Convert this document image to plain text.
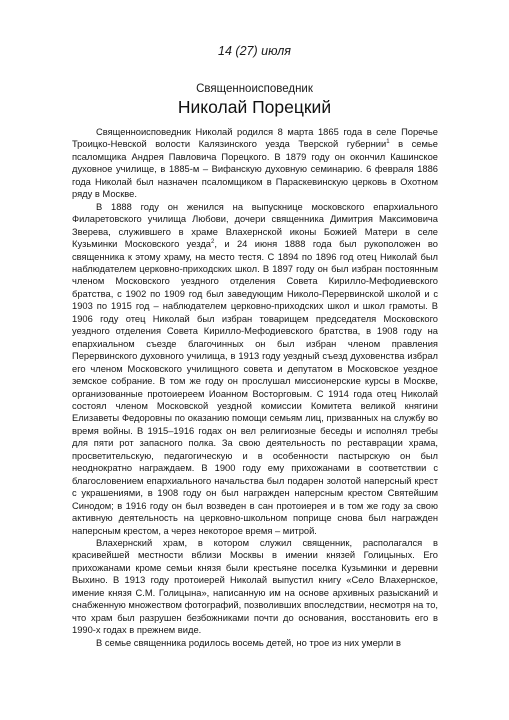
14 (27) июля
Священноисповедник
Николай Порецкий

Священноисповедник Николай родился 8 марта 1865 года в селе Поречье Троицко-Невской волости Калязинского уезда Тверской губернии$^1$ в семье псаломщика Андрея Павловича Порецкого. В 1879 году он окончил Кашинское духовное училище, в 1885-м – Вифанскую духовную семинарию. 6 февраля 1886 года Николай был назначен псаломщиком в Параскевинскую церковь в Охотном ряду в Москве.

В 1888 году он женился на выпускнице московского епархиального Филаретовского училища Любови, дочери священника Димитрия Максимовича Зверева, служившего в храме Влахернской иконы Божией Матери в селе Кузьминки Московского уезда$^2$, и 24 июня 1888 года был рукоположен во священника к этому храму, на место тестя. С 1894 по 1896 год отец Николай был наблюдателем церковно-приходских школ. В 1897 году он был избран постоянным членом Московского уездного отделения Совета Кирилло-Мефодиевского братства, с 1902 по 1909 год был заведующим Николо-Перервинской школой и с 1903 по 1915 год – наблюдателем церковно-приходских школ и школ грамоты. В 1906 году отец Николай был избран товарищем председателя Московского уездного отделения Совета Кирилло-Мефодиевского братства, в 1908 году на епархиальном съезде благочинных он был избран членом правления Перервинского духовного училища, в 1913 году уездный съезд духовенства избрал его членом Московского училищного совета и депутатом в Московское уездное земское собрание. В том же году он прослушал миссионерские курсы в Москве, организованные протоиереем Иоанном Восторговым. С 1914 года отец Николай состоял членом Московской уездной комиссии Комитета великой княгини Елизаветы Федоровны по оказанию помощи семьям лиц, призванных на службу во время войны. В 1915–1916 годах он вел религиозные беседы и исполнял требы для пяти рот запасного полка. За свою деятельность по реставрации храма, просветительскую, педагогическую и в особенности пастырскую он был неоднократно награждаем. В 1900 году ему прихожанами в соответствии с благословением епархиального начальства был подарен золотой наперсный крест с украшениями, в 1908 году он был награжден наперсным крестом Святейшим Синодом; в 1916 году он был возведен в сан протоиерея и в том же году за свою активную деятельность на церковно-школьном поприще снова был награжден наперсным крестом, а через некоторое время – митрой.

Влахернский храм, в котором служил священник, располагался в красивейшей местности вблизи Москвы в имении князей Голицыных. Его прихожанами кроме семьи князя были крестьяне поселка Кузьминки и деревни Выхино. В 1913 году протоиерей Николай выпустил книгу «Село Влахернское, имение князя С.М. Голицына», написанную им на основе архивных разысканий и снабженную множеством фотографий, позволивших впоследствии, несмотря на то, что храм был разрушен безбожниками почти до основания, восстановить его в 1990-х годах в прежнем виде.

В семье священника родилось восемь детей, но трое из них умерли в
